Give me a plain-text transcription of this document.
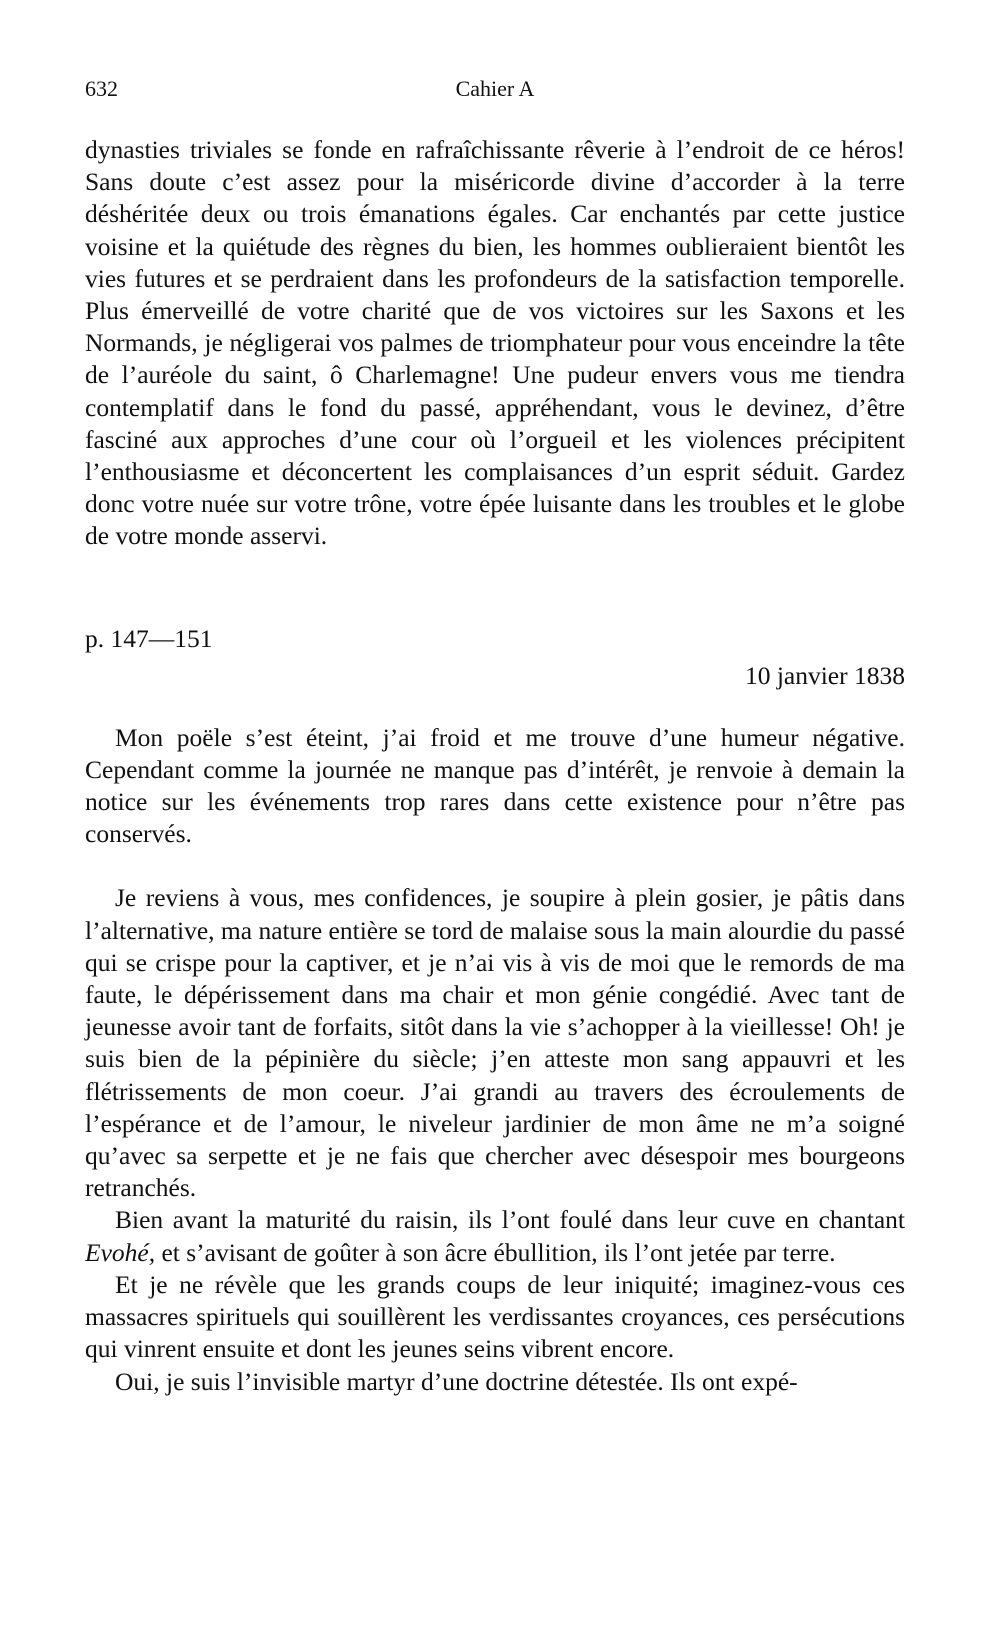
632	Cahier A

dynasties triviales se fonde en rafraîchissante rêverie à l’endroit de ce héros! Sans doute c’est assez pour la miséricorde divine d’accorder à la terre déshéritée deux ou trois émanations égales. Car enchantés par cette justice voisine et la quiétude des règnes du bien, les hommes oublieraient bientôt les vies futures et se perdraient dans les profondeurs de la satisfaction temporelle. Plus émerveillé de votre charité que de vos victoires sur les Saxons et les Normands, je négligerai vos palmes de triomphateur pour vous enceindre la tête de l’auréole du saint, ô Charlemagne! Une pudeur envers vous me tiendra contemplatif dans le fond du passé, appréhendant, vous le devinez, d’être fasciné aux approches d’une cour où l’orgueil et les violences précipitent l’enthousiasme et déconcertent les complaisances d’un esprit séduit. Gardez donc votre nuée sur votre trône, votre épée luisante dans les troubles et le globe de votre monde asservi.

p. 147—151
10 janvier 1838

Mon poële s’est éteint, j’ai froid et me trouve d’une humeur négative. Cependant comme la journée ne manque pas d’intérêt, je renvoie à demain la notice sur les événements trop rares dans cette existence pour n’être pas conservés.

Je reviens à vous, mes confidences, je soupire à plein gosier, je pâtis dans l’alternative, ma nature entière se tord de malaise sous la main alourdie du passé qui se crispe pour la captiver, et je n’ai vis à vis de moi que le remords de ma faute, le dépérissement dans ma chair et mon génie congédié. Avec tant de jeunesse avoir tant de forfaits, sitôt dans la vie s’achopper à la vieillesse! Oh! je suis bien de la pépinière du siècle; j’en atteste mon sang appauvri et les flétrissements de mon coeur. J’ai grandi au travers des écroulements de l’espérance et de l’amour, le niveleur jardinier de mon âme ne m’a soigné qu’avec sa serpette et je ne fais que chercher avec désespoir mes bourgeons retranchés.

Bien avant la maturité du raisin, ils l’ont foulé dans leur cuve en chantant Evohé, et s’avisant de goûter à son âcre ébullition, ils l’ont jetée par terre.

Et je ne révèle que les grands coups de leur iniquité; imaginez-vous ces massacres spirituels qui souillèrent les verdissantes croyances, ces persécutions qui vinrent ensuite et dont les jeunes seins vibrent encore.

Oui, je suis l’invisible martyr d’une doctrine détestée. Ils ont expé-
